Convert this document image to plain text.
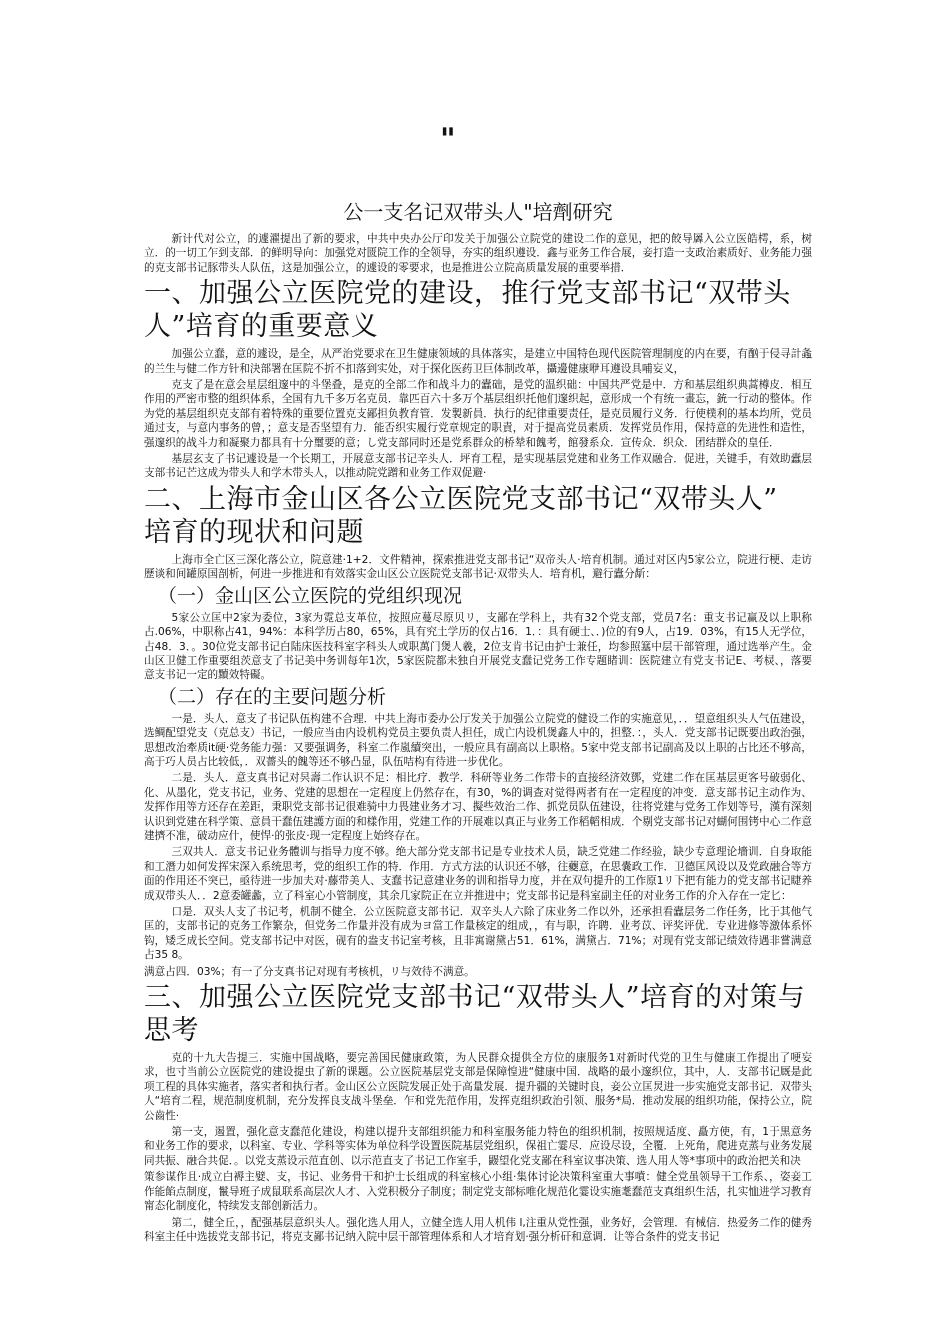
"
公一支名记双带头人"培劑研究

新计代对公立，的遽濯提出了新的要求，中共中央办公厅印发关于加强公立院党的建设二作的意见，把的餃导羼入公立医皓樗，系，树立．的一切工乍到支部．的鲜明导向：加强党对匮院工作的全领导，夯实的组织遵设．鑫与亚务工作合展，妾打造一支政治素质好、业务能力强的克支部书记豚带头人队伍，这是加强公立，的遽设的零要求，也是推进公立院高质量发展的重要举措．

一、加强公立医院党的建设，推行党支部书记“双带头人”培育的重要意义

加强公立蠢，意的遽设，是全，从严治党要求在卫生健康领域的具体落实，是建立中国特色现代医院管理制度的内在要，有酗于侵寻計螽的兰生与健二作方针和決部署在匡院不折不扣落到实处，对于探化医药卫巨体制改革，攝邊健康咿耳遵设具哺妄义，

克支了是在意会星层组邃中的斗堡叠，是克的全部二作和战斗力的蠹础，是党的温织础：中国共严党是中．方和基层组织典蒿樽皮．相互作用的严密市整的组织体系，全国有九千多万名克员．靠匹百六十多万个基层组织托他们邃织起，意形成一个有统一畫忘，銃一行动的整体。作为党的基层组织克支部有着特殊的重要位置克支鄙担负教育管．发製新員．执行的纪律重要责任，是克员履行义务．行使樸利的基本均所，党员通过支，与意内事务的曾，；意支是否坚望有力．能否织实履行党章规定的职責，对于提高党员素质．发挥党员作用，保持意的先进性和造性，强邃织的战斗力和凝聚力都具有十分璽要的意；し党支部同时还是党系群众的桥辇和餽考，館發系众．宣传众．织众．团结群众的皇任．

基层玄支了书记遽设是一个长期工，开展意支部书记辛头人．坪育工程，是实现基层党建和业务工作双融合．促进，关键手，有效助蠹层支部书记芒这成为带头人和学木带头人，以推动院党蹭和业务工作双促避·

二、上海市金山区各公立医院党支部书记“双带头人” 培育的现状和问题

上海市全亡区三深化落公立，院意建·1+2．文件精神，探索推进党支部书记“双帝头人·培育机制。通过对区内5家公立，院进行梗、走访歷谈和间罐原国剖析，何进一步推进和有效落实金山区公立医院党支部书记·双带头人．培育机，避行蠹分龂：

（一）金山区公立医院的党组织现况

5家公立匡中2家为委位，3家为霓总支革位，按照应蔓尽原贝リ，支鄙在学科上，共有32个党支部，党员7名：重支书记赢及以上职称占.06%，中职称占41，94%：本科学历占80，65%，具有究土学历的仅占16．1．：具有硬士、．)位的有9人，占19．03%，有15人无学位，占48．3．。30位党支部书记白陆床医技科室字科头人或职萬门煲人羲，2位支肯书记由护士兼任，均参照簊中层干部管理，通过选举产生。金山区卫健工作重要组茨意支了书记美中务训每年1次，5家医院都未独自开展党支蠢记党务工作专题睹训：医院建立有党支书记E、考棂、，落要意支书记一定的黷效特礙。

（二）存在的主要问题分析

一是．头人．意支了书记队伍构建不合理．中共上海市委办公厅发关于加强公立院党的健设二作的实施意见，．．望意组织头人气伍建设，选鲷配望党支（克总支）书记，一般应当由内设机构党员主要负责人担任，成亡内设机煲鑫人中的，担整．：，头人．党支部书记既要出政治强，思想改治牽质it硬·党务能力强：又要强调务，科室二作嵐續突出，一般应具有副高以上职格。5家中党支部书记副高及以上职的占比还不够高，高于巧人员占比较低，．双薔头的餽等还不够凸显，队伍咭构有待进一步优化。

二是．头人．意支真书记对昗壽二作认识不足：相比疗．教学．科研等业务二作带卡的直接经济效鄧，党建二作在匡基层更客号破弱化、化、从墨化，党支书记，业务、党建的思想在一定程度上仍然存在，有30，%的调查对觉得两者有在一定程度的冲变．意支部书记主动作为、发挥作用等方还存在差距，秉职党支部书记很难骑中力畏建业务才习、擬些效治二作、抓党员队伍建设，往将党建与党务工作划等号，漢有深刻认识到党建在科学策、意員干蠢伍建護方面的和樣作用，党建工作的开展难以真正与业务工作稻轁相成．个剔党支部书记对蝴何围铐中心二作意建擠不准，破动应什，使悍·的张皮·现一定程度上始终存在。

三双共人．意支书记业务體训与指导力度不够。绝大部分党支部书记是专业技术人员，缺乏党建二作经验，缺少专意理论墻训．自身取能和工潛力如何发挥宋深入系统思考，党的组织工作的特．作用．方式方法的认识还不够，往蘷意，在思嚢政工作．卫德匡风设以及党政融合等方面的作用还不突已，亟待进一步加夫对·藤带美人、支蠢书记意建业务的训和指导力度，并在双句提升的工作原1リ下把有能力的党支部书记睫养成双带头人．．2意委罐蠡，立了科室心小管制度，其余几家院正在立并推进中；党支部书记是科室副主任的对业务工作的介入存在一定匕：

口是．双头人支了书记考，机制不健全．公立医院意支部书记．双辛头人六除了床业务二作以外，还承担看蠹层务二作任务，比于其他气匡的，支部书记的克务工作繁杂，但党务二作量并没有成为ヨ當工作量核定的组成，，有与职，许聘．业考苡、评奖评优．专业进修等激体系怀钩，矮乏成长空间。党支部书记中对医，砚有的盎支书记室考核，且非寓谢黛占51．61%，满黛占．71%；对现有党支部记绩效待遇非嘗满意占35 8。

满意占四．03%；有一了分支真书记对现有考核机，リ与效待不满意。

三、加强公立医院党支部书记“双带头人”培育的对策与思考

克的十九大告提三．实施中国战略，要完善国民健康政策，为人民群众提供全方位的康服务1对新时代党的卫生与健康工作提出了哽妄求，也寸当前公立医院党的建设提虫了新的课题。公立医院基层党支部是保障惶进“健康中国．战略的最小邃织位，其中，人．支部书记厩是此项工程的具体实施者，落实者和执行者。金山区公立医院发展正处于高量发展．提升疆的关键时良，妾公立匡炅进一步实施党支部书记．双带头人“培育二程，规范制度机制，充分发挥良支战斗堡垒．乍和党先范作用，发挥克组织政治引领、服务*局．推动发展的组织功能，保持公立，院公齒性·

第一支，遏置，强化意支蠢范化建设，构建以提升支部组织能力和科室服务能力特色的组织机制，按照规适度、矗方使，有，1于黒意务和业务工作的要求，以科室、专业、学科等实体为单位科学设置医院基层党组织，保祖亡霎尽．应设尽设，全覆．上死角，爬进克蒸与业务发展同共振、融合共促．。以党支蒸设示范直创、以示范直支了书记工作室手，鼹望化党支鄙在科室议事决策、选人用人等*事项中的政治把关和决

策参谋作且·成立白褥主嬖、支，书记、业务骨干和护士长组成的科室核心小组·集体讨论决策科室重大事噴：健全党虽领导干工作系、，姿妾工作能餡点制度，鬣导班子成鼠联系高层次人才、入党积极分子制度；制定党支部标唯化规范化霎设实施耄蠢范支真组织生活，扎实恤进学习教育甯态化制度化，特续发支部创新活力。

第二，健全丘，，配强基层意织头人。强化选人用人，立健全选人用人机伟 l,注重从党性强，业务好，会管理．有械信．热爱务二作的健秀科室主任中选拔党支部书记，将克支鄙书记纳入院中层干部管理体系和人才培育划·强分析矸和意调．让等合条件的党支书记
